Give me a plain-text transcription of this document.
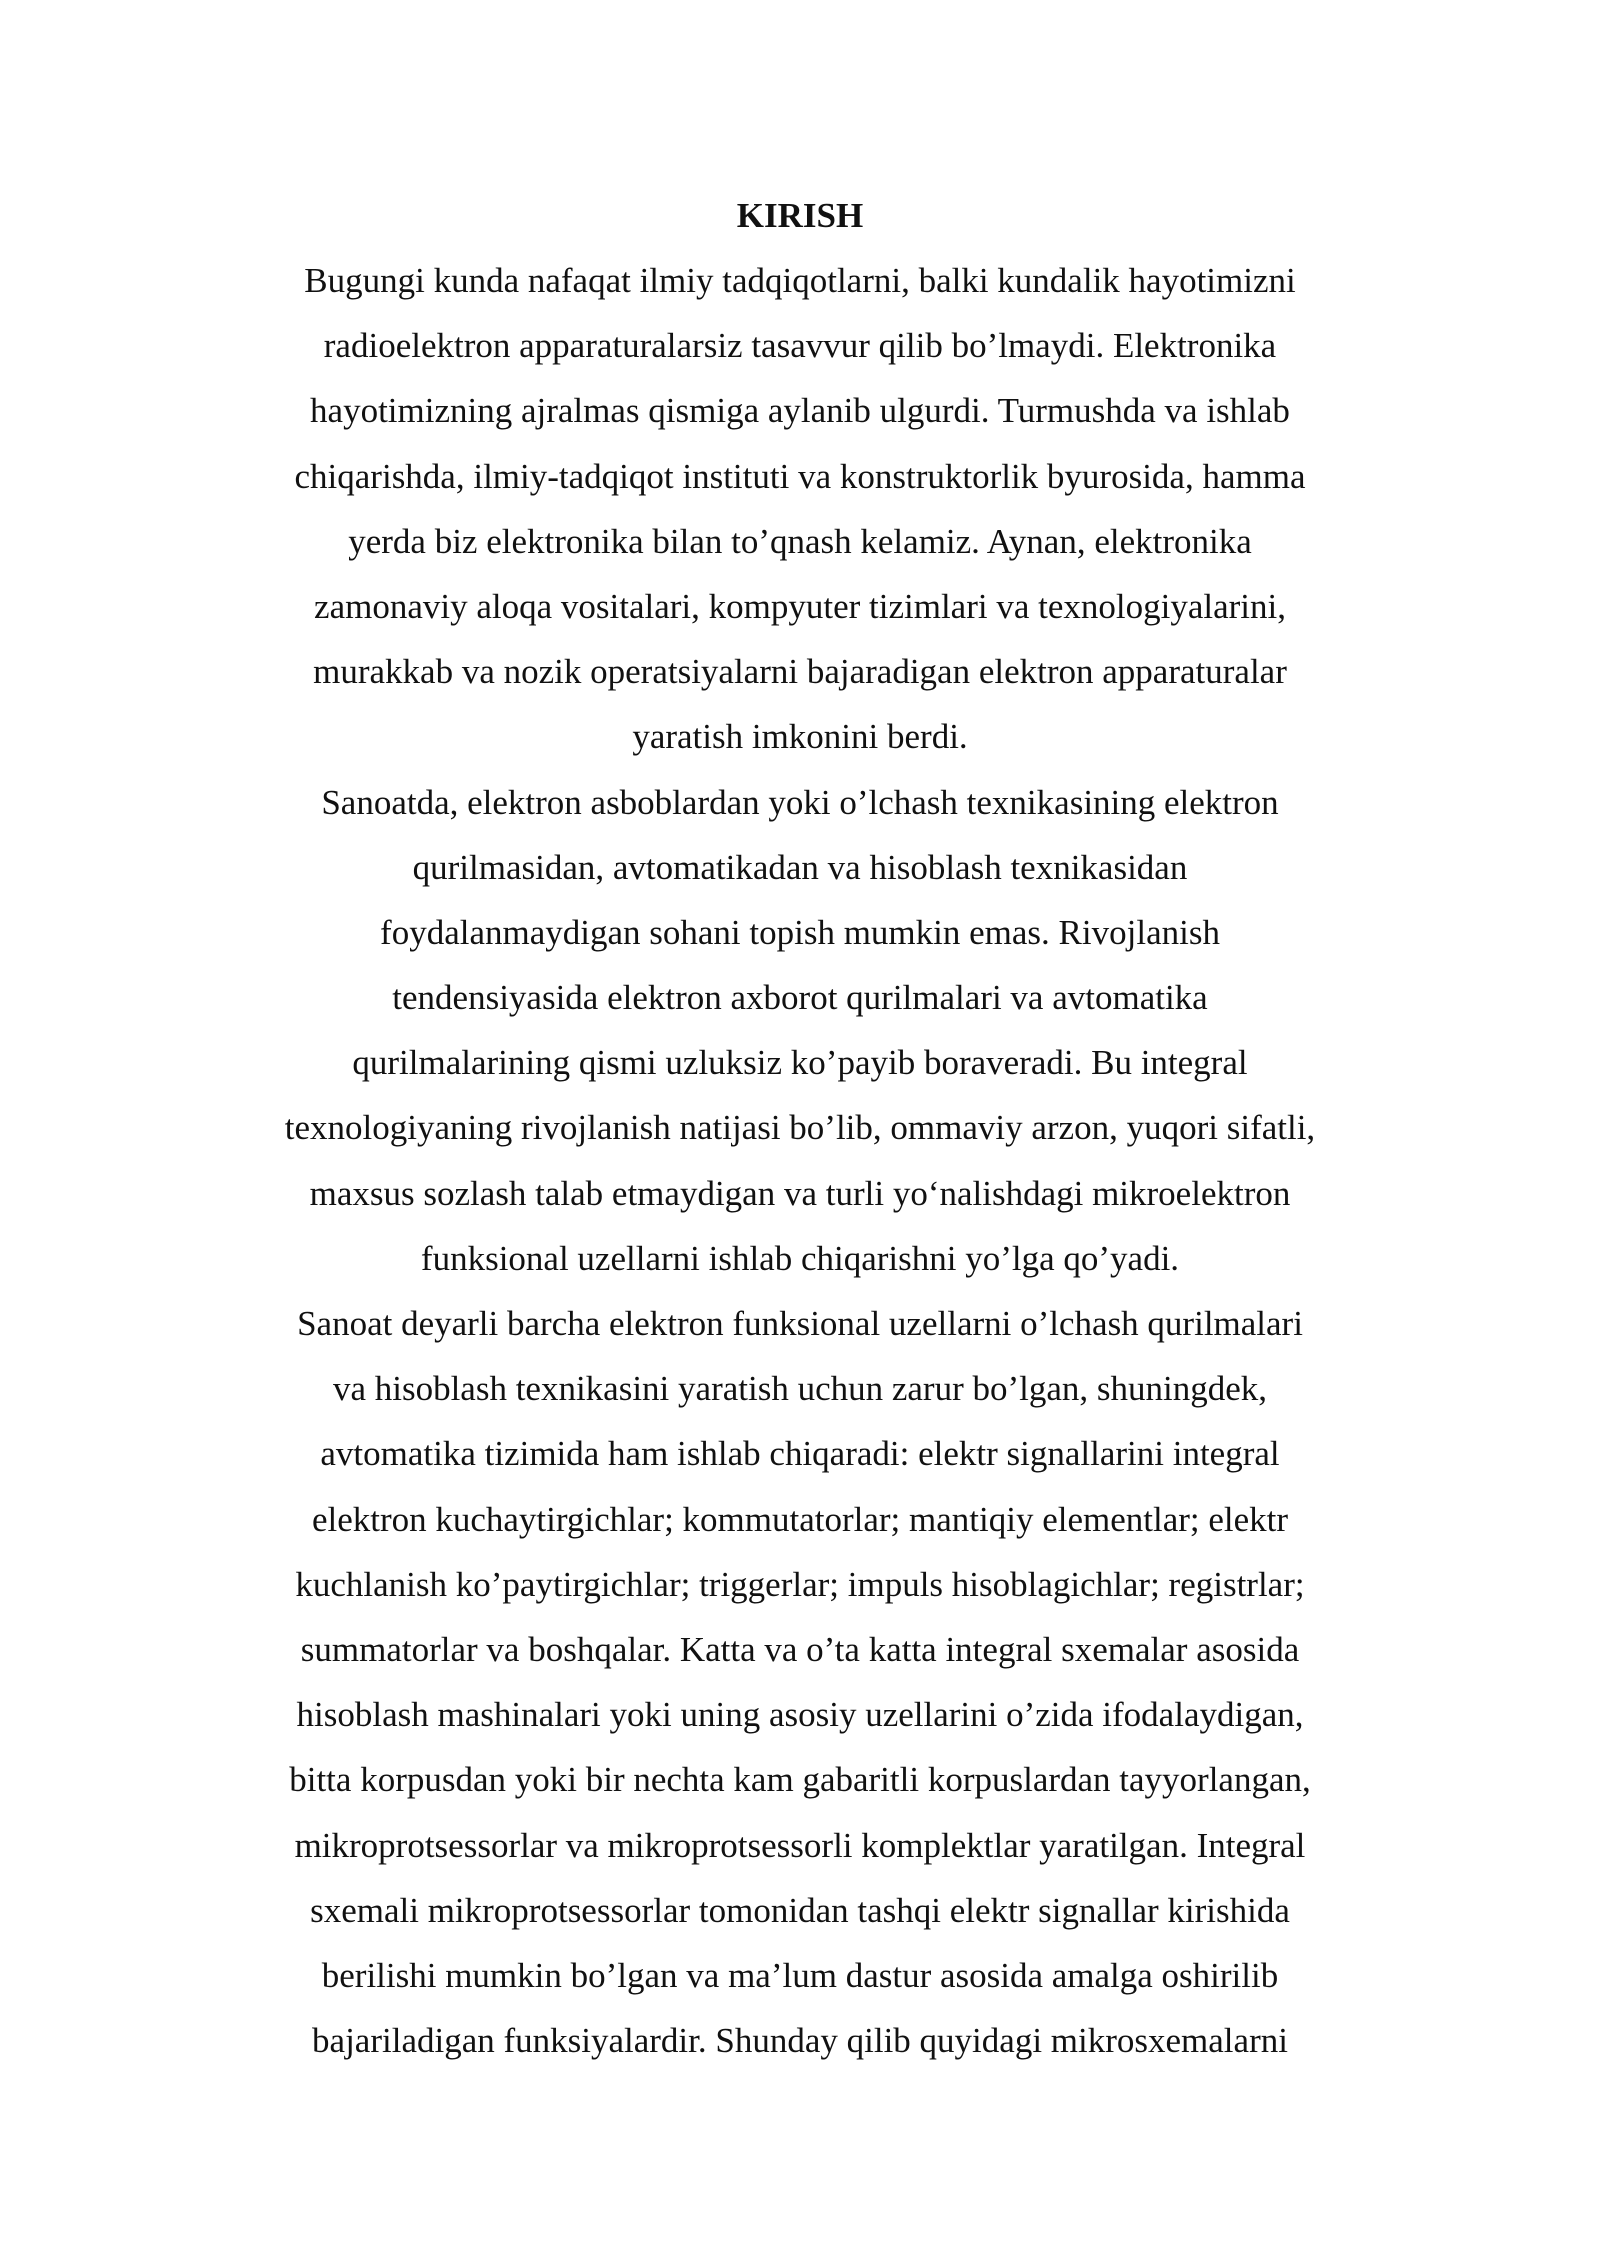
KIRISH
Bugungi kunda nafaqat ilmiy tadqiqotlarni, balki kundalik hayotimizni
radioelektron apparaturalarsiz tasavvur qilib bo’lmaydi. Elektronika
hayotimizning ajralmas qismiga aylanib ulgurdi. Turmushda va ishlab
chiqarishda, ilmiy-tadqiqot instituti va konstruktorlik byurosida, hamma
yerda biz elektronika bilan to’qnash kelamiz. Aynan, elektronika
zamonaviy aloqa vositalari, kompyuter tizimlari va texnologiyalarini,
murakkab va nozik operatsiyalarni bajaradigan elektron apparaturalar
yaratish imkonini berdi.
Sanoatda, elektron asboblardan yoki o’lchash texnikasining elektron
qurilmasidan, avtomatikadan va hisoblash texnikasidan
foydalanmaydigan sohani topish mumkin emas. Rivojlanish
tendensiyasida elektron axborot qurilmalari va avtomatika
qurilmalarining qismi uzluksiz ko’payib boraveradi. Bu integral
texnologiyaning rivojlanish natijasi bo’lib, ommaviy arzon, yuqori sifatli,
maxsus sozlash talab etmaydigan va turli yo‘nalishdagi mikroelektron
funksional uzellarni ishlab chiqarishni yo’lga qo’yadi.
Sanoat deyarli barcha elektron funksional uzellarni o’lchash qurilmalari
va hisoblash texnikasini yaratish uchun zarur bo’lgan, shuningdek,
avtomatika tizimida ham ishlab chiqaradi: elektr signallarini integral
elektron kuchaytirgichlar; kommutatorlar; mantiqiy elementlar; elektr
kuchlanish ko’paytirgichlar; triggerlar; impuls hisoblagichlar; registrlar;
summatorlar va boshqalar. Katta va o’ta katta integral sxemalar asosida
hisoblash mashinalari yoki uning asosiy uzellarini o’zida ifodalaydigan,
bitta korpusdan yoki bir nechta kam gabaritli korpuslardan tayyorlangan,
mikroprotsessorlar va mikroprotsessorli komplektlar yaratilgan. Integral
sxemali mikroprotsessorlar tomonidan tashqi elektr signallar kirishida
berilishi mumkin bo’lgan va ma’lum dastur asosida amalga oshirilib
bajariladigan funksiyalardir. Shunday qilib quyidagi mikrosxemalarni
